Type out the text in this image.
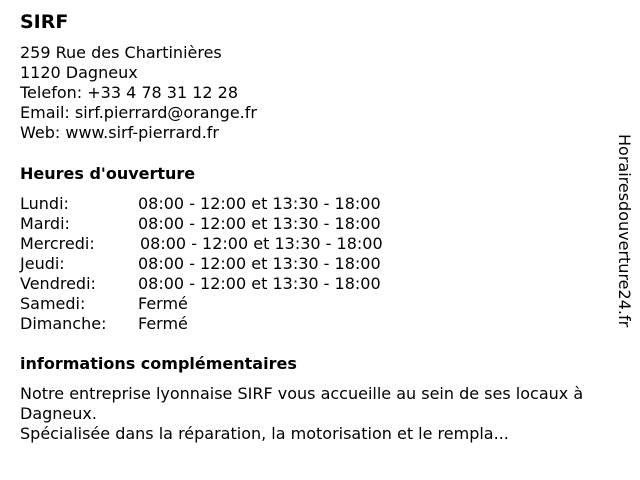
SIRF
259 Rue des Chartinières
1120 Dagneux
Telefon: +33 4 78 31 12 28
Email: sirf.pierrard@orange.fr
Web: www.sirf-pierrard.fr
Heures d'ouverture
Lundi:	08:00 - 12:00 et 13:30 - 18:00
Mardi:	08:00 - 12:00 et 13:30 - 18:00
Mercredi:	08:00 - 12:00 et 13:30 - 18:00
Jeudi:	08:00 - 12:00 et 13:30 - 18:00
Vendredi:	08:00 - 12:00 et 13:30 - 18:00
Samedi:	Fermé
Dimanche: Fermé
informations complémentaires
Notre entreprise lyonnaise SIRF vous accueille au sein de ses locaux à
Dagneux.
Spécialisée dans la réparation, la motorisation et le rempla...
Horairesdouverture24.fr
